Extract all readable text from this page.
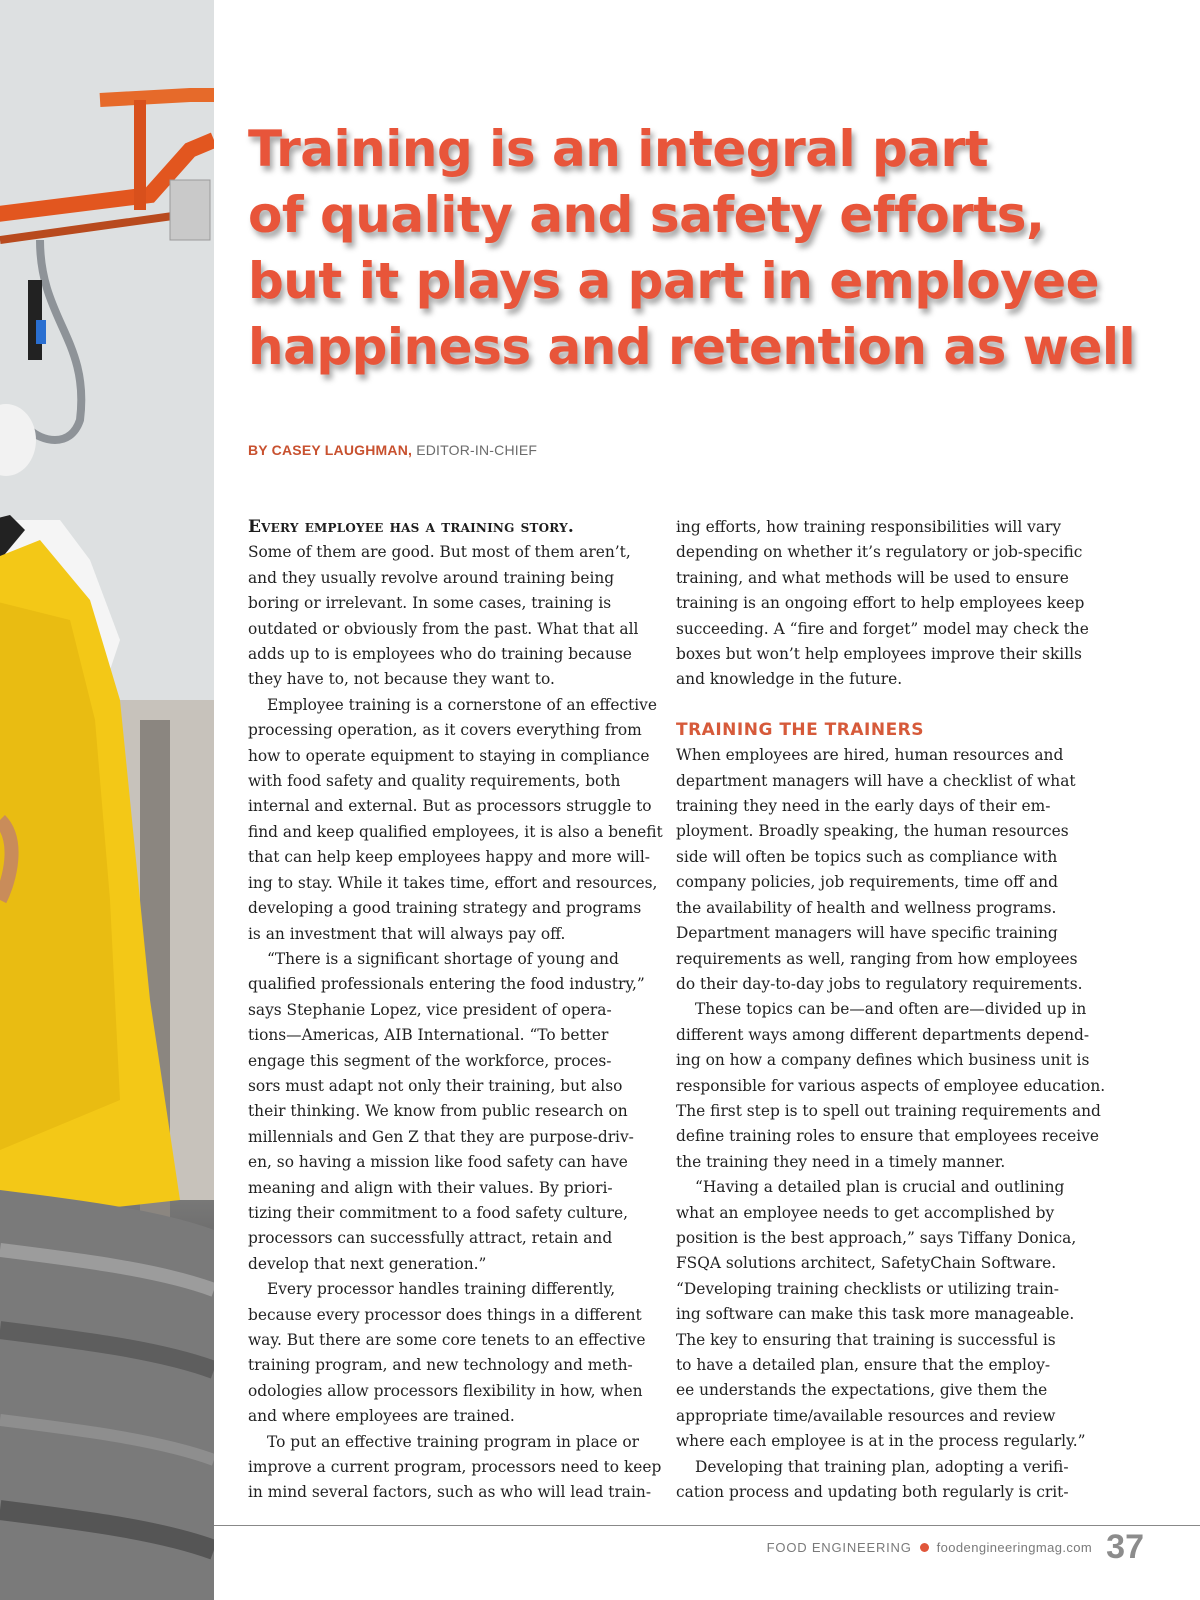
Training is an integral part
of quality and safety efforts,
but it plays a part in employee
happiness and retention as well
BY CASEY LAUGHMAN, EDITOR-IN-CHIEF
Every employee has a training story.
Some of them are good. But most of them aren’t,
and they usually revolve around training being
boring or irrelevant. In some cases, training is
outdated or obviously from the past. What that all
adds up to is employees who do training because
they have to, not because they want to.
Employee training is a cornerstone of an effective
processing operation, as it covers everything from
how to operate equipment to staying in compliance
with food safety and quality requirements, both
internal and external. But as processors struggle to
find and keep qualified employees, it is also a benefit
that can help keep employees happy and more will-
ing to stay. While it takes time, effort and resources,
developing a good training strategy and programs
is an investment that will always pay off.
“There is a significant shortage of young and
qualified professionals entering the food industry,”
says Stephanie Lopez, vice president of opera-
tions—Americas, AIB International. “To better
engage this segment of the workforce, proces-
sors must adapt not only their training, but also
their thinking. We know from public research on
millennials and Gen Z that they are purpose-driv-
en, so having a mission like food safety can have
meaning and align with their values. By priori-
tizing their commitment to a food safety culture,
processors can successfully attract, retain and
develop that next generation.”
Every processor handles training differently,
because every processor does things in a different
way. But there are some core tenets to an effective
training program, and new technology and meth-
odologies allow processors flexibility in how, when
and where employees are trained.
To put an effective training program in place or
improve a current program, processors need to keep
in mind several factors, such as who will lead train-
ing efforts, how training responsibilities will vary
depending on whether it’s regulatory or job-specific
training, and what methods will be used to ensure
training is an ongoing effort to help employees keep
succeeding. A “fire and forget” model may check the
boxes but won’t help employees improve their skills
and knowledge in the future.
TRAINING THE TRAINERS
When employees are hired, human resources and
department managers will have a checklist of what
training they need in the early days of their em-
ployment. Broadly speaking, the human resources
side will often be topics such as compliance with
company policies, job requirements, time off and
the availability of health and wellness programs.
Department managers will have specific training
requirements as well, ranging from how employees
do their day-to-day jobs to regulatory requirements.
These topics can be—and often are—divided up in
different ways among different departments depend-
ing on how a company defines which business unit is
responsible for various aspects of employee education.
The first step is to spell out training requirements and
define training roles to ensure that employees receive
the training they need in a timely manner.
“Having a detailed plan is crucial and outlining
what an employee needs to get accomplished by
position is the best approach,” says Tiffany Donica,
FSQA solutions architect, SafetyChain Software.
“Developing training checklists or utilizing train-
ing software can make this task more manageable.
The key to ensuring that training is successful is
to have a detailed plan, ensure that the employ-
ee understands the expectations, give them the
appropriate time/available resources and review
where each employee is at in the process regularly.”
Developing that training plan, adopting a verifi-
cation process and updating both regularly is crit-
FOOD ENGINEERING foodengineeringmag.com 37
